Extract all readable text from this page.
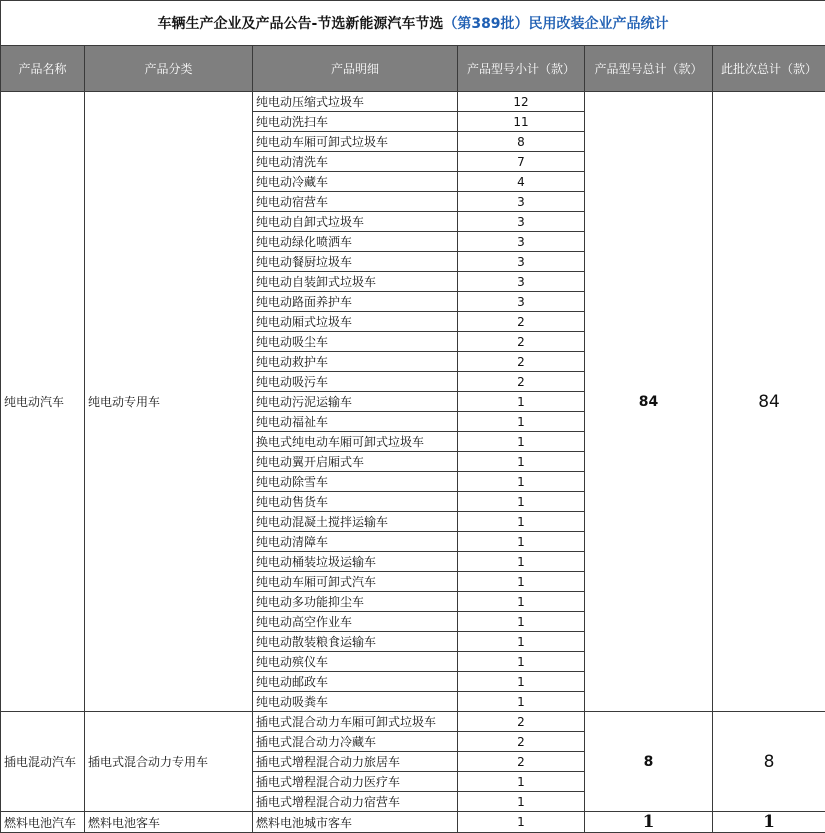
车辆生产企业及产品公告-节选新能源汽车节选（第389批）民用改装企业产品统计					
产品名称	产品分类	产品明细	产品型号小计（款）	产品型号总计（款）	此批次总计（款）
纯电动汽车	纯电动专用车	纯电动压缩式垃圾车	12	84	84
		纯电动洗扫车	11		
		纯电动车厢可卸式垃圾车	8		
		纯电动清洗车	7		
		纯电动冷藏车	4		
		纯电动宿营车	3		
		纯电动自卸式垃圾车	3		
		纯电动绿化喷洒车	3		
		纯电动餐厨垃圾车	3		
		纯电动自装卸式垃圾车	3		
		纯电动路面养护车	3		
		纯电动厢式垃圾车	2		
		纯电动吸尘车	2		
		纯电动救护车	2		
		纯电动吸污车	2		
		纯电动污泥运输车	1		
		纯电动福祉车	1		
		换电式纯电动车厢可卸式垃圾车	1		
		纯电动翼开启厢式车	1		
		纯电动除雪车	1		
		纯电动售货车	1		
		纯电动混凝土搅拌运输车	1		
		纯电动清障车	1		
		纯电动桶装垃圾运输车	1		
		纯电动车厢可卸式汽车	1		
		纯电动多功能抑尘车	1		
		纯电动高空作业车	1		
		纯电动散装粮食运输车	1		
		纯电动殡仪车	1		
		纯电动邮政车	1		
		纯电动吸粪车	1		
插电混动汽车	插电式混合动力专用车	插电式混合动力车厢可卸式垃圾车	2	8	8
		插电式混合动力冷藏车	2		
		插电式增程混合动力旅居车	2		
		插电式增程混合动力医疗车	1		
		插电式增程混合动力宿营车	1		
燃料电池汽车	燃料电池客车	燃料电池城市客车	1	1	1
